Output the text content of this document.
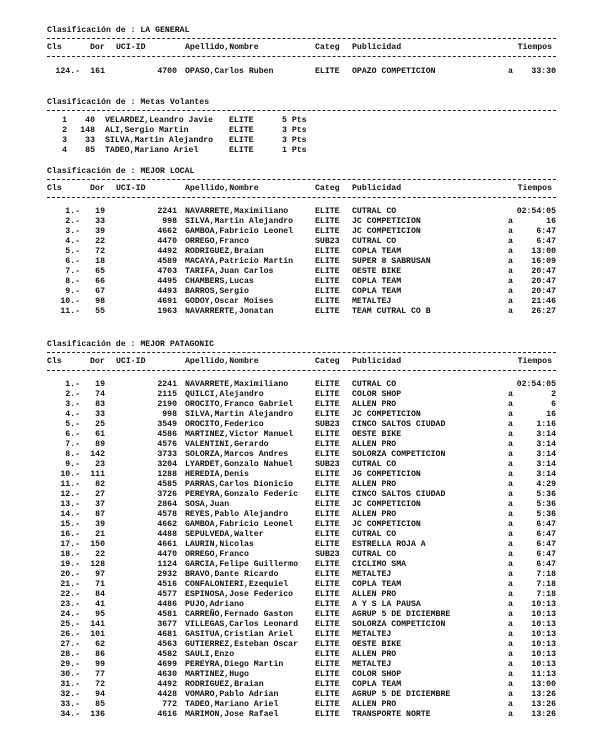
Clasificación de : LA GENERAL
Cls	Dor UCI-ID	Apellido,Nombre	Categ Publicidad	Tiempos
124.- 161	4700 OPASO,Carlos Ruben	ELITE OPAZO COMPETICION	a 33:30
Clasificación de : Metas Volantes
1 40 VELARDEZ,Leandro Javie ELITE	5 Pts
2 148 ALI,Sergio Martin	ELITE	3 Pts
3 33 SILVA,Martin Alejandro ELITE	3 Pts
4 85 TADEO,Mariano Ariel	ELITE	1 Pts
Clasificación de : MEJOR LOCAL
Cls	Dor UCI-ID	Apellido,Nombre	Categ Publicidad	Tiempos
1.- 19	2241 NAVARRETE,Maximiliano	ELITE CUTRAL CO	02:54:05
2.- 33	998 SILVA,Martin Alejandro	ELITE JC COMPETICION	a	16
3.- 39	4662 GAMBOA,Fabricio Leonel	ELITE JC COMPETICION	a	6:47
4.- 22	4470 ORREGO,Franco	SUB23 CUTRAL CO	a	6:47
5.- 72	4492 RODRIGUEZ,Braian	ELITE COPLA TEAM	a 13:00
6.- 18	4589 MACAYA,Patricio Martin	ELITE SUPER 8 SABRUSAN	a 16:09
7.- 65	4703 TARIFA,Juan Carlos	ELITE OESTE BIKE	a 20:47
8.- 66	4495 CHAMBERS,Lucas	ELITE COPLA TEAM	a 20:47
9.- 67	4493 BARROS,Sergio	ELITE COPLA TEAM	a 20:47
10.- 98	4691 GODOY,Oscar Moises	ELITE METALTEJ	a 21:46
11.- 55	1963 NAVARRERTE,Jonatan	ELITE TEAM CUTRAL CO B	a 26:27
Clasificación de : MEJOR PATAGONIC
Cls	Dor UCI-ID	Apellido,Nombre	Categ Publicidad	Tiempos
1.- 19	2241 NAVARRETE,Maximiliano	ELITE CUTRAL CO	02:54:05
2.- 74	2115 QUILCI,Alejandro	ELITE COLOR SHOP	a	2
3.- 83	2190 OROCITO,Franco Gabriel	ELITE ALLEN PRO	a	6
4.- 33	998 SILVA,Martin Alejandro	ELITE JC COMPETICION	a	16
5.- 25	3549 OROCITO,Federico	SUB23 CINCO SALTOS CIUDAD	a	1:16
6.- 61	4586 MARTINEZ,Victor Manuel	ELITE OESTE BIKE	a	3:14
7.- 89	4576 VALENTINI,Gerardo	ELITE ALLEN PRO	a	3:14
8.- 142	3733 SOLORZA,Marcos Andres	ELITE SOLORZA COMPETICION	a	3:14
9.- 23	3204 LYARDET,Gonzalo Nahuel	SUB23 CUTRAL CO	a	3:14
10.- 111	1288 HEREDIA,Denis	ELITE JG COMPETICION	a	3:14
11.- 82	4585 PARRAS,Carlos Dionicio	ELITE ALLEN PRO	a	4:29
12.- 27	3726 PEREYRA,Gonzalo Federic ELITE CINCO SALTOS CIUDAD	a	5:36
13.- 37	2864 SOSA,Juan	ELITE JC COMPETICION	a	5:36
14.- 87	4578 REYES,Pablo Alejandro	ELITE ALLEN PRO	a	5:36
15.- 39	4662 GAMBOA,Fabricio Leonel	ELITE JC COMPETICION	a	6:47
16.- 21	4488 SEPULVEDA,Walter	ELITE CUTRAL CO	a	6:47
17.- 150	4661 LAURIN,Nicolas	ELITE ESTRELLA ROJA A	a	6:47
18.- 22	4470 ORREGO,Franco	SUB23 CUTRAL CO	a	6:47
19.- 128	1124 GARCIA,Felipe Guillermo ELITE CICLIMO SMA	a	6:47
20.- 97	2932 BRAVO,Dante Ricardo	ELITE METALTEJ	a	7:18
21.- 71	4516 CONFALONIERI,Ezequiel	ELITE COPLA TEAM	a	7:18
22.- 84	4577 ESPINOSA,Jose Federico	ELITE ALLEN PRO	a	7:18
23.- 41	4486 PUJO,Adriano	ELITE A Y S LA PAUSA	a 10:13
24.- 95	4581 CARREÑO,Fernado Gaston	ELITE AGRUP 5 DE DICIEMBRE	a 10:13
25.- 141	3677 VILLEGAS,Carlos Leonard ELITE SOLORZA COMPETICION	a 10:13
26.- 101	4681 GASITUA,Cristian Ariel	ELITE METALTEJ	a 10:13
27.- 62	4563 GUTIERREZ,Esteban Oscar ELITE OESTE BIKE	a 10:13
28.- 86	4582 SAULI,Enzo	ELITE ALLEN PRO	a 10:13
29.- 99	4699 PEREYRA,Diego Martin	ELITE METALTEJ	a 10:13
30.- 77	4630 MARTINEZ,Hugo	ELITE COLOR SHOP	a 11:13
31.- 72	4492 RODRIGUEZ,Braian	ELITE COPLA TEAM	a 13:00
32.- 94	4428 VOMARO,Pablo Adrian	ELITE AGRUP 5 DE DICIEMBRE	a 13:26
33.- 85	772 TADEO,Mariano Ariel	ELITE ALLEN PRO	a 13:26
34.- 136	4616 MARIMON,Jose Rafael	ELITE TRANSPORTE NORTE	a 13:26
